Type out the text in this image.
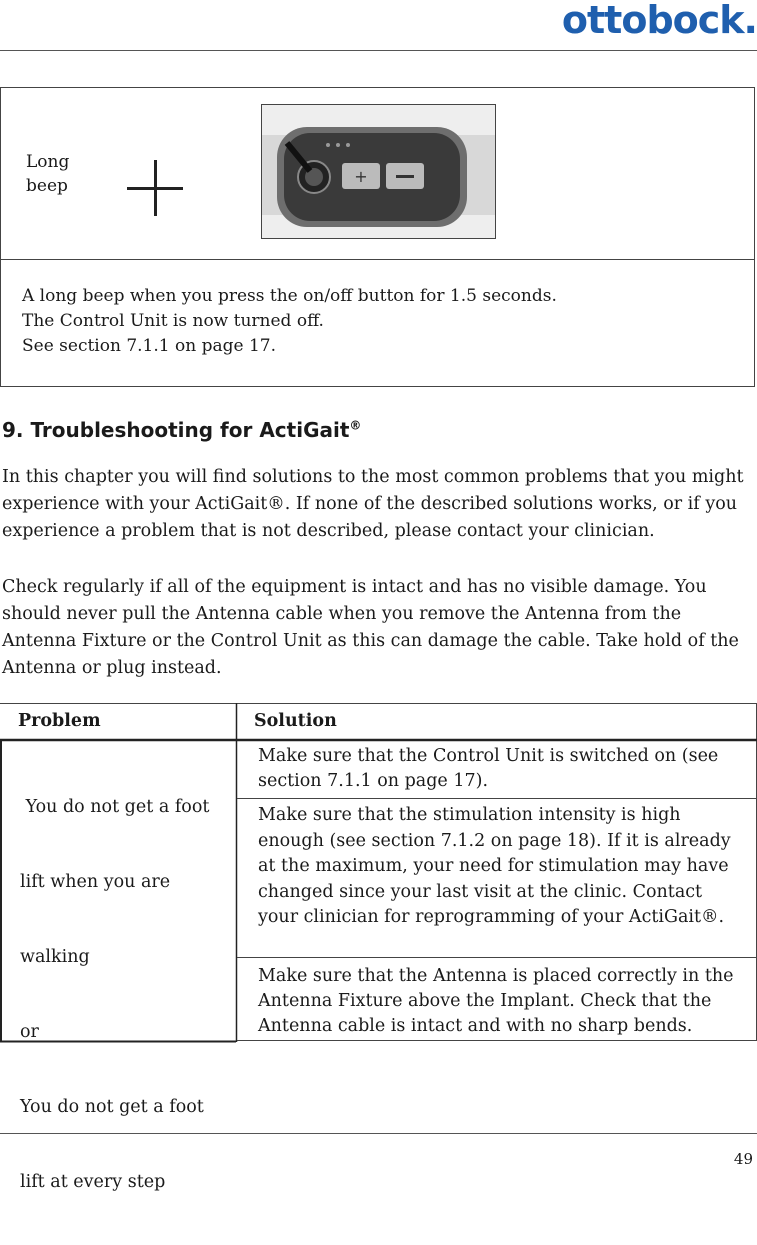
ottobock.
Long
beep	+
A long beep when you press the on/off button for 1.5 seconds.
The Control Unit is now turned off.
See section 7.1.1 on page 17.
9. Troubleshooting for ActiGait®

In this chapter you will find solutions to the most common problems that you might experience with your ActiGait®. If none of the described solutions works, or if you experience a problem that is not described, please contact your clinician.

Check regularly if all of the equipment is intact and has no visible damage. You should never pull the Antenna cable when you remove the Antenna from the Antenna Fixture or the Control Unit as this can damage the cable. Take hold of the Antenna or plug instead.

Problem	Solution

You do not get a foot

lift when you are

walking

or

You do not get a foot

lift at every step

Make sure that the Control Unit is switched on (see section 7.1.1 on page 17).
Make sure that the stimulation intensity is high enough (see section 7.1.2 on page 18). If it is already at the maximum, your need for stimulation may have changed since your last visit at the clinic. Contact your clinician for reprogramming of your ActiGait®.
Make sure that the Antenna is placed correctly in the Antenna Fixture above the Implant. Check that the Antenna cable is intact and with no sharp bends.
49
